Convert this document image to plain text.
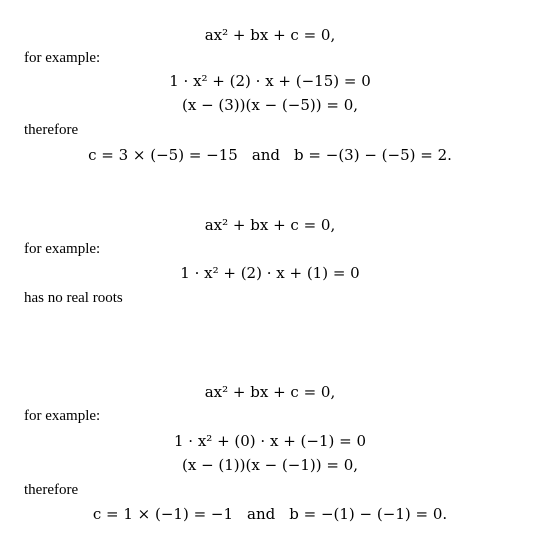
ax² + bx + c = 0,
for example:
1 · x² + (2) · x + (−15) = 0
(x − (3))(x − (−5)) = 0,
therefore
c = 3 × (−5) = −15 and b = −(3) − (−5) = 2.
ax² + bx + c = 0,
for example:
1 · x² + (2) · x + (1) = 0
has no real roots
ax² + bx + c = 0,
for example:
1 · x² + (0) · x + (−1) = 0
(x − (1))(x − (−1)) = 0,
therefore
c = 1 × (−1) = −1 and b = −(1) − (−1) = 0.
